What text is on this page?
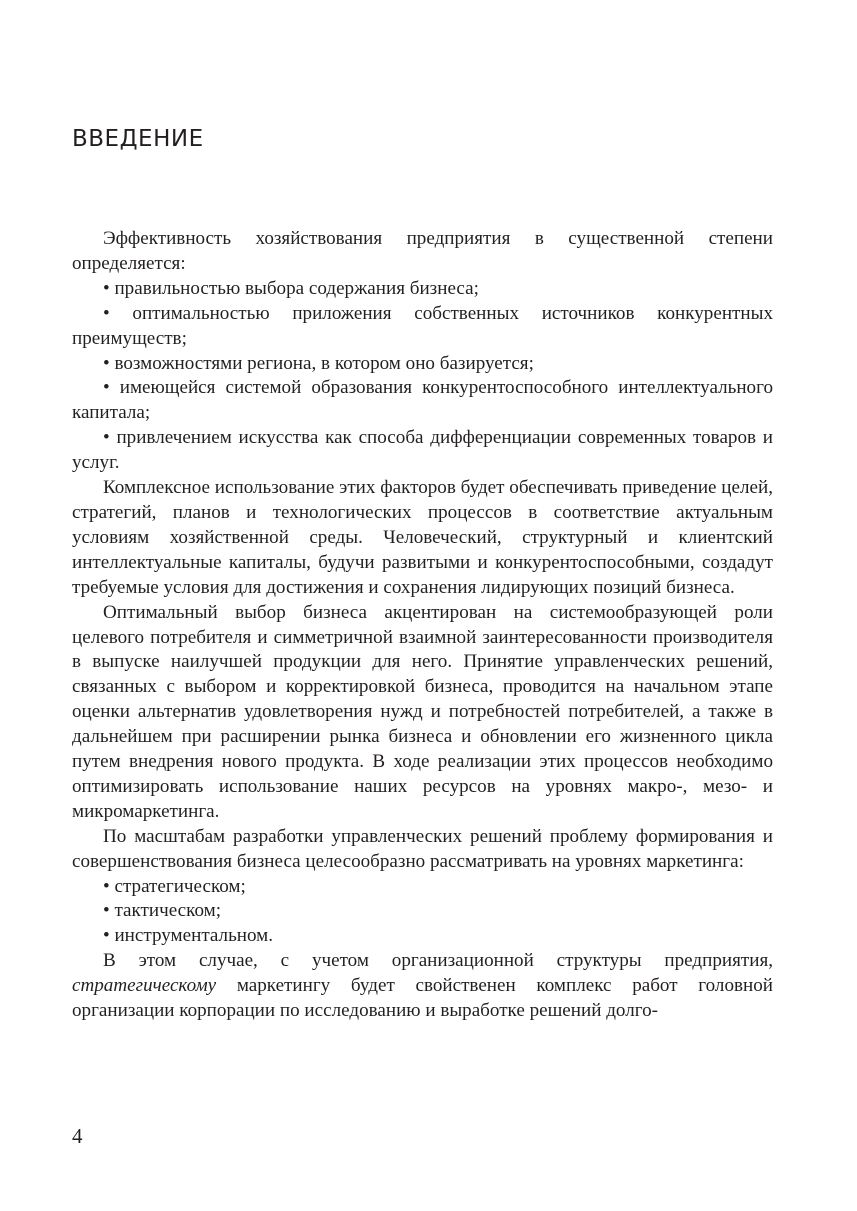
ВВЕДЕНИЕ

Эффективность хозяйствования предприятия в существенной степени определяется:

• правильностью выбора содержания бизнеса;

• оптимальностью приложения собственных источников конкурентных преимуществ;

• возможностями региона, в котором оно базируется;

• имеющейся системой образования конкурентоспособного интеллектуального капитала;

• привлечением искусства как способа дифференциации современных товаров и услуг.

Комплексное использование этих факторов будет обеспечивать приведение целей, стратегий, планов и технологических процессов в соответствие актуальным условиям хозяйственной среды. Человеческий, структурный и клиентский интеллектуальные капиталы, будучи развитыми и конкурентоспособными, создадут требуемые условия для достижения и сохранения лидирующих позиций бизнеса.

Оптимальный выбор бизнеса акцентирован на системообразующей роли целевого потребителя и симметричной взаимной заинтересованности производителя в выпуске наилучшей продукции для него. Принятие управленческих решений, связанных с выбором и корректировкой бизнеса, проводится на начальном этапе оценки альтернатив удовлетворения нужд и потребностей потребителей, а также в дальнейшем при расширении рынка бизнеса и обновлении его жизненного цикла путем внедрения нового продукта. В ходе реализации этих процессов необходимо оптимизировать использование наших ресурсов на уровнях макро-, мезо- и микромаркетинга.

По масштабам разработки управленческих решений проблему формирования и совершенствования бизнеса целесообразно рассматривать на уровнях маркетинга:

• стратегическом;

• тактическом;

• инструментальном.

В этом случае, с учетом организационной структуры предприятия, стратегическому маркетингу будет свойственен комплекс работ головной организации корпорации по исследованию и выработке решений долго-

4
